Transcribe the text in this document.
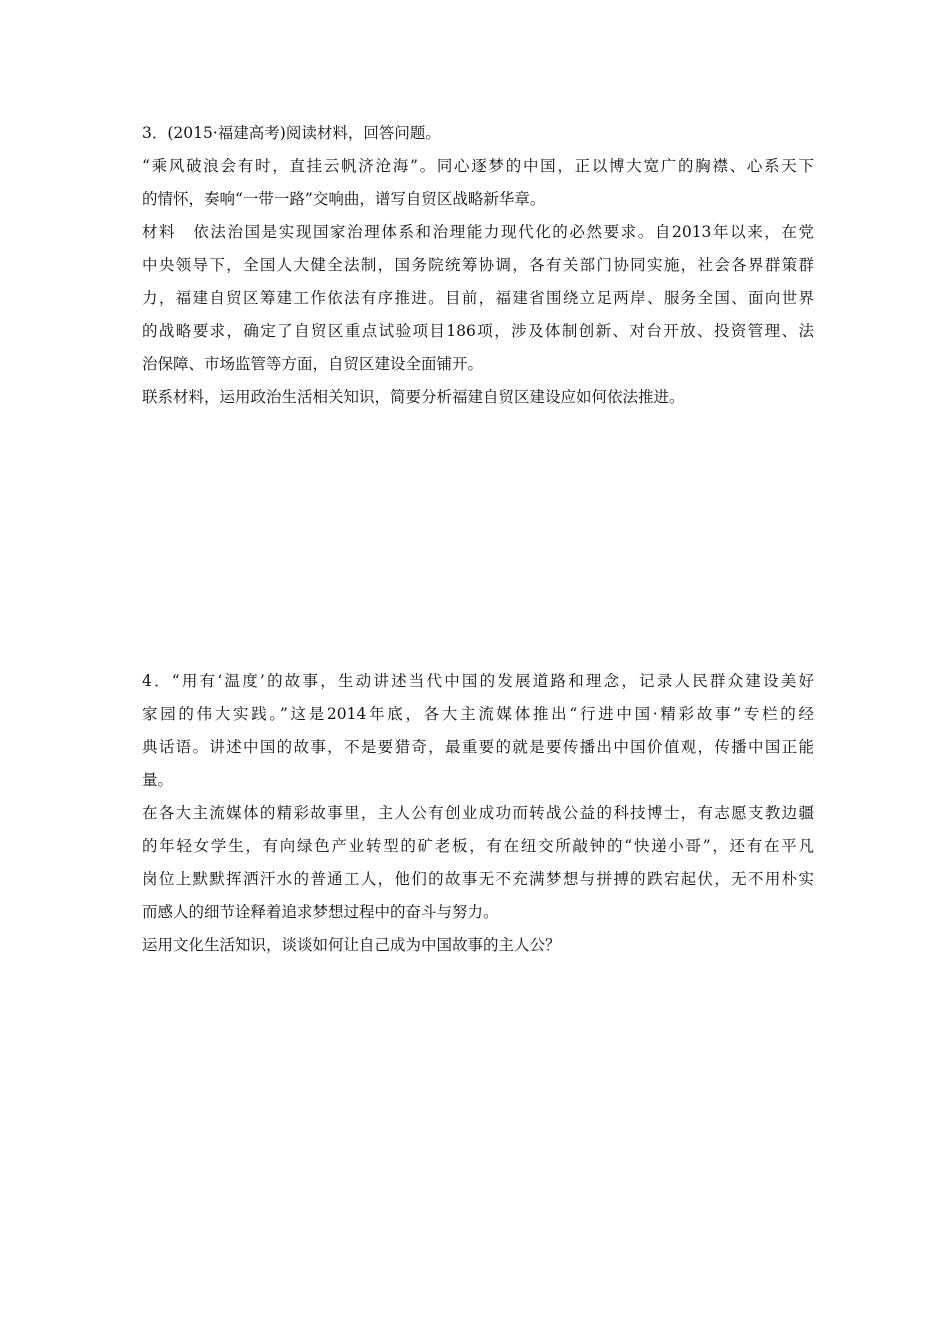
3．(2015·福建高考)阅读材料，回答问题。
“乘风破浪会有时，直挂云帆济沧海”。同心逐梦的中国，正以博大宽广的胸襟、心系天下
的情怀，奏响“一带一路”交响曲，谱写自贸区战略新华章。
材料　依法治国是实现国家治理体系和治理能力现代化的必然要求。自2013年以来，在党
中央领导下，全国人大健全法制，国务院统筹协调，各有关部门协同实施，社会各界群策群
力，福建自贸区筹建工作依法有序推进。目前，福建省围绕立足两岸、服务全国、面向世界
的战略要求，确定了自贸区重点试验项目186项，涉及体制创新、对台开放、投资管理、法
治保障、市场监管等方面，自贸区建设全面铺开。
联系材料，运用政治生活相关知识，简要分析福建自贸区建设应如何依法推进。
4．“用有‘温度’的故事，生动讲述当代中国的发展道路和理念，记录人民群众建设美好
家园的伟大实践。”这是2014年底，各大主流媒体推出“行进中国·精彩故事”专栏的经
典话语。讲述中国的故事，不是要猎奇，最重要的就是要传播出中国价值观，传播中国正能
量。
在各大主流媒体的精彩故事里，主人公有创业成功而转战公益的科技博士，有志愿支教边疆
的年轻女学生，有向绿色产业转型的矿老板，有在纽交所敲钟的“快递小哥”，还有在平凡
岗位上默默挥洒汗水的普通工人，他们的故事无不充满梦想与拼搏的跌宕起伏，无不用朴实
而感人的细节诠释着追求梦想过程中的奋斗与努力。
运用文化生活知识，谈谈如何让自己成为中国故事的主人公？
